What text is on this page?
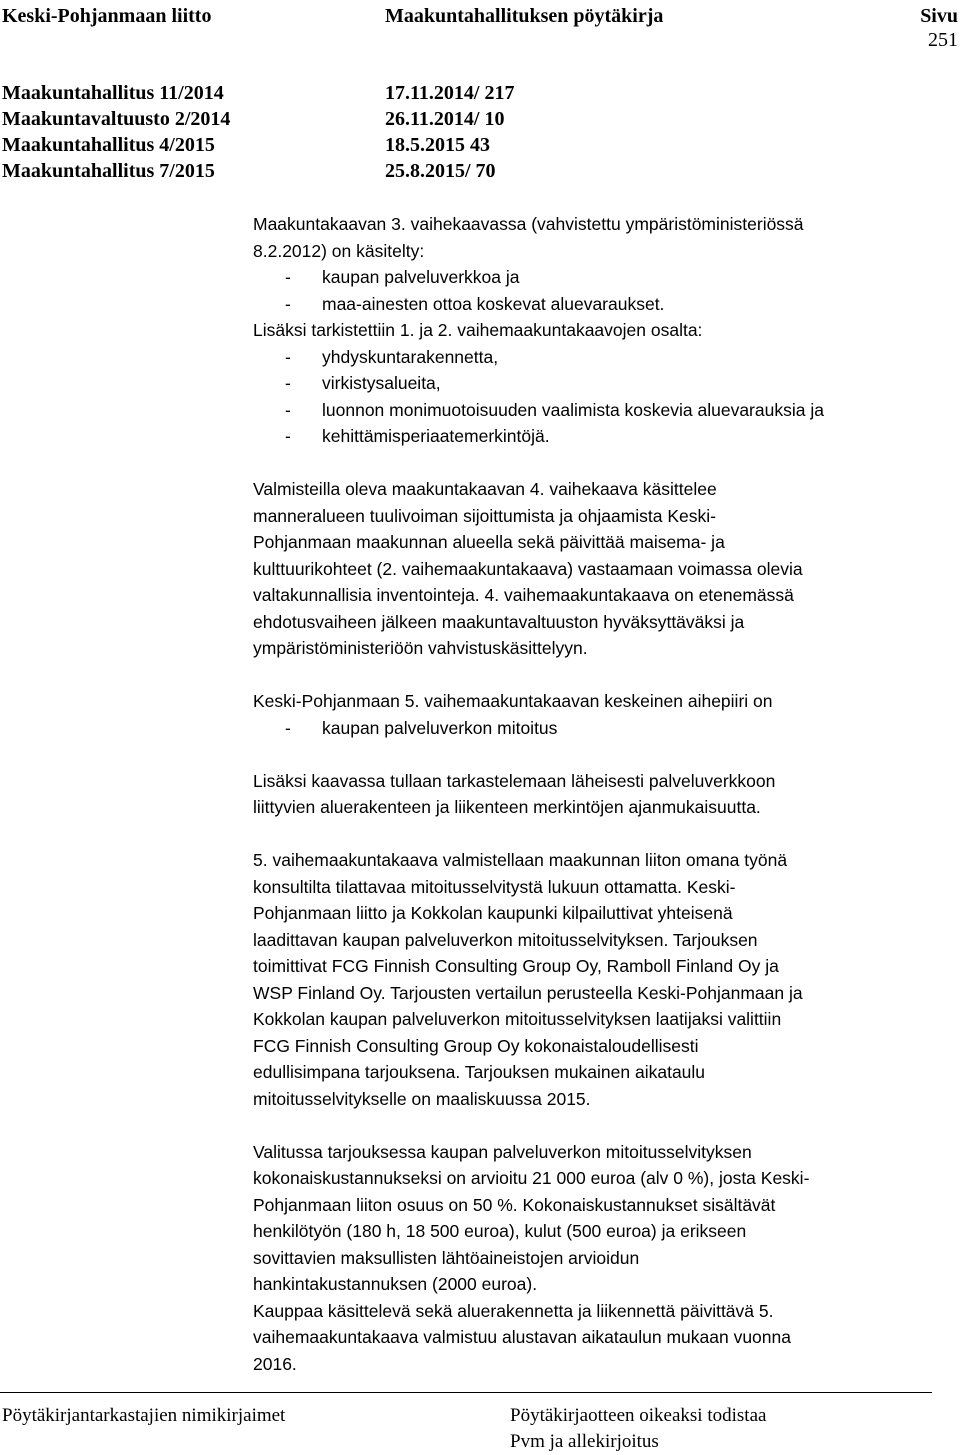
Keski-Pohjanmaan liitto	Maakuntahallituksen pöytäkirja	Sivu
251
Maakuntahallitus 11/2014	17.11.2014/ 217
Maakuntavaltuusto 2/2014	26.11.2014/ 10
Maakuntahallitus 4/2015	18.5.2015 43
Maakuntahallitus 7/2015	25.8.2015/ 70

Maakuntakaavan 3. vaihekaavassa (vahvistettu ympäristöministeriössä
8.2.2012) on käsitelty:
- kaupan palveluverkkoa ja
- maa-ainesten ottoa koskevat aluevaraukset.

Lisäksi tarkistettiin 1. ja 2. vaihemaakuntakaavojen osalta:
- yhdyskuntarakennetta,
- virkistysalueita,
- luonnon monimuotoisuuden vaalimista koskevia aluevarauksia ja
- kehittämisperiaatemerkintöjä.

Valmisteilla oleva maakuntakaavan 4. vaihekaava käsittelee
manneralueen tuulivoiman sijoittumista ja ohjaamista Keski-
Pohjanmaan maakunnan alueella sekä päivittää maisema- ja
kulttuurikohteet (2. vaihemaakuntakaava) vastaamaan voimassa olevia
valtakunnallisia inventointeja. 4. vaihemaakuntakaava on etenemässä
ehdotusvaiheen jälkeen maakuntavaltuuston hyväksyttäväksi ja
ympäristöministeriöön vahvistuskäsittelyyn.

Keski-Pohjanmaan 5. vaihemaakuntakaavan keskeinen aihepiiri on
- kaupan palveluverkon mitoitus

Lisäksi kaavassa tullaan tarkastelemaan läheisesti palveluverkkoon
liittyvien aluerakenteen ja liikenteen merkintöjen ajanmukaisuutta.

5. vaihemaakuntakaava valmistellaan maakunnan liiton omana työnä
konsultilta tilattavaa mitoitusselvitystä lukuun ottamatta. Keski-
Pohjanmaan liitto ja Kokkolan kaupunki kilpailuttivat yhteisenä
laadittavan kaupan palveluverkon mitoitusselvityksen. Tarjouksen
toimittivat FCG Finnish Consulting Group Oy, Ramboll Finland Oy ja
WSP Finland Oy. Tarjousten vertailun perusteella Keski-Pohjanmaan ja
Kokkolan kaupan palveluverkon mitoitusselvityksen laatijaksi valittiin
FCG Finnish Consulting Group Oy kokonaistaloudellisesti
edullisimpana tarjouksena. Tarjouksen mukainen aikataulu
mitoitusselvitykselle on maaliskuussa 2015.

Valitussa tarjouksessa kaupan palveluverkon mitoitusselvityksen
kokonaiskustannukseksi on arvioitu 21 000 euroa (alv 0 %), josta Keski-
Pohjanmaan liiton osuus on 50 %. Kokonaiskustannukset sisältävät
henkilötyön (180 h, 18 500 euroa), kulut (500 euroa) ja erikseen
sovittavien maksullisten lähtöaineistojen arvioidun
hankintakustannuksen (2000 euroa).
Kauppaa käsittelevä sekä aluerakennetta ja liikennettä päivittävä 5.
vaihemaakuntakaava valmistuu alustavan aikataulun mukaan vuonna
2016.

Pöytäkirjantarkastajien nimikirjaimet	Pöytäkirjaotteen oikeaksi todistaa
Pvm ja allekirjoitus
